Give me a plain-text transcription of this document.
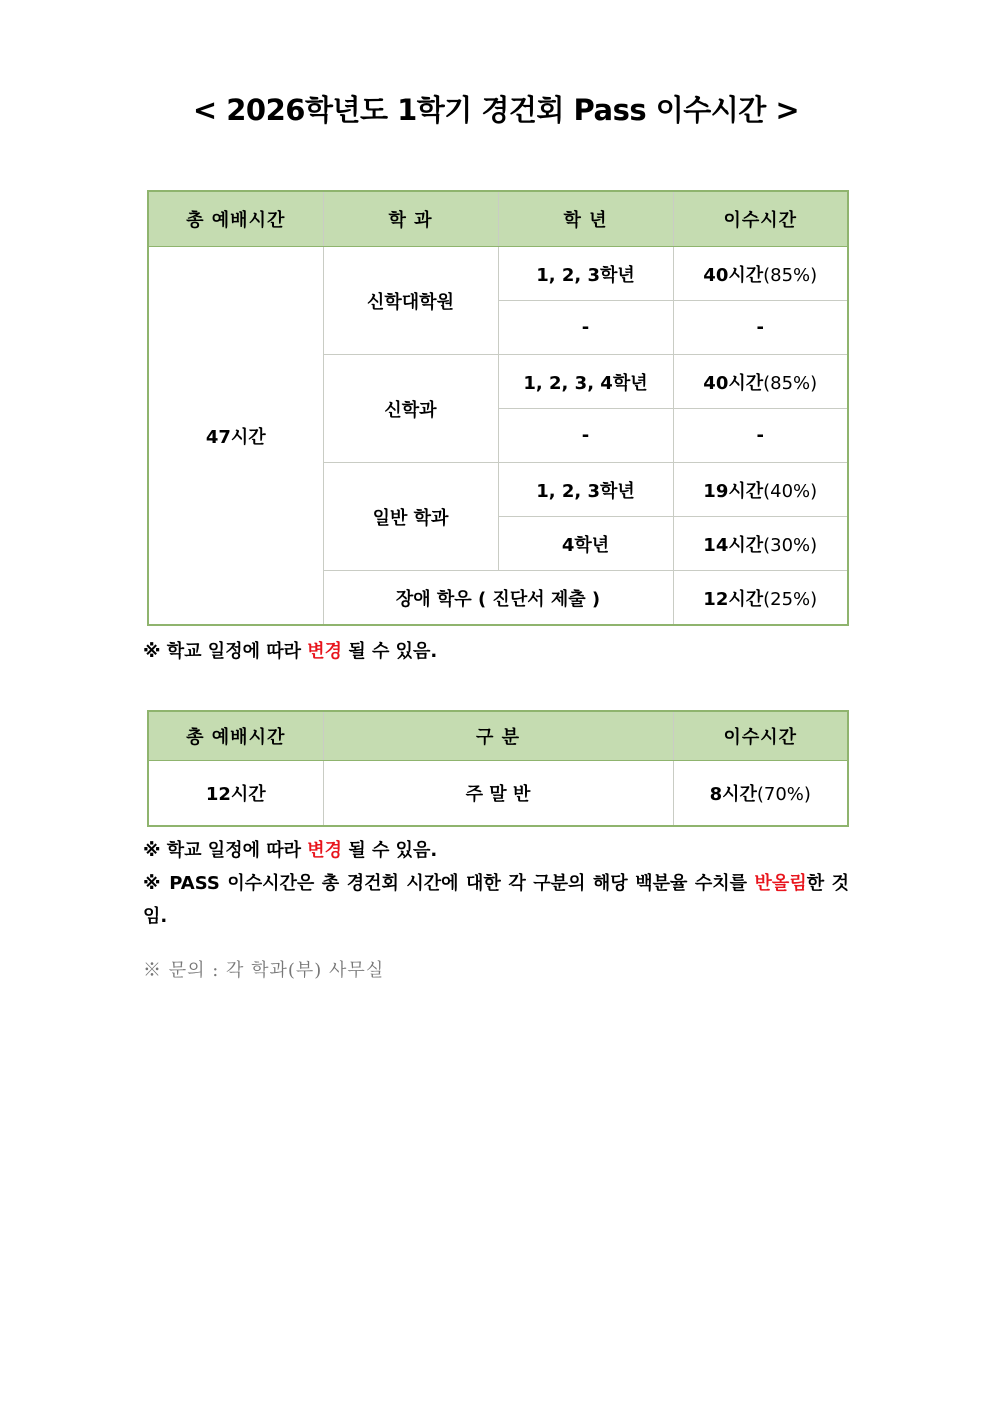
< 2026학년도 1학기 경건회 Pass 이수시간 >
총 예배시간	학 과	학 년	이수시간
47시간	신학대학원	1, 2, 3학년	40시간(85%)
		-	-
	신학과	1, 2, 3, 4학년	40시간(85%)
		-	-
	일반 학과	1, 2, 3학년	19시간(40%)
		4학년	14시간(30%)
	장애 학우 ( 진단서 제출 )		12시간(25%)
※ 학교 일정에 따라 변경 될 수 있음.
총 예배시간	구 분	이수시간
12시간	주 말 반	8시간(70%)
※ 학교 일정에 따라 변경 될 수 있음.
※ PASS 이수시간은 총 경건회 시간에 대한 각 구분의 해당 백분율 수치를 반올림한 것임.
※ 문의 : 각 학과(부) 사무실
